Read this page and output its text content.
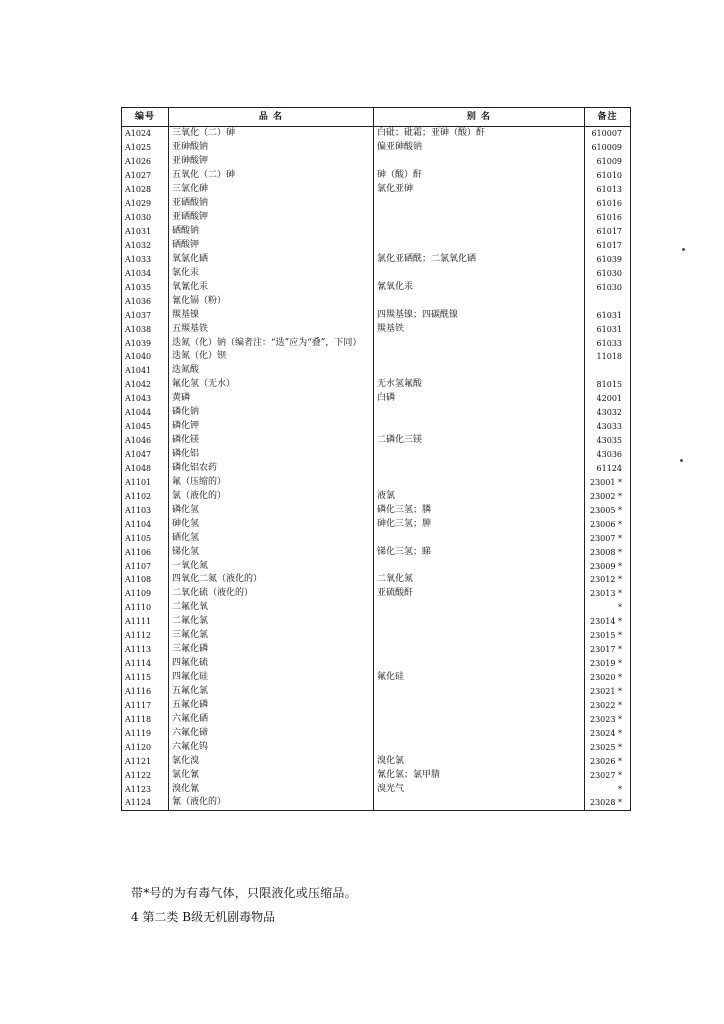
编号	品 名	别 名	备注
A1024	三氧化（二）砷	白砒；砒霜；亚砷（酸）酐	610007
A1025	亚砷酸钠	偏亚砷酸钠	610009
A1026	亚砷酸钾		61009
A1027	五氧化（二）砷	砷（酸）酐	61010
A1028	三氯化砷	氯化亚砷	61013
A1029	亚硒酸钠		61016
A1030	亚硒酸钾		61016
A1031	硒酸钠		61017
A1032	硒酸钾		61017
A1033	氧氯化硒	氯化亚硒酰；二氯氧化硒	61039
A1034	氯化汞		61030
A1035	氧氰化汞	氰氧化汞	61030
A1036	氰化镉（粉）		
A1037	羰基镍	四羰基镍；四碳酰镍	61031
A1038	五羰基铁	羰基铁	61031
A1039	迭氮（化）钠（编者注：“迭”应为“叠”，下同）		61033
A1040	迭氮（化）钡		11018
A1041	迭氮酸		
A1042	氟化氢（无水）	无水氢氟酸	81015
A1043	黄磷	白磷	42001
A1044	磷化钠		43032
A1045	磷化钾		43033
A1046	磷化镁	二磷化三镁	43035
A1047	磷化铝		43036
A1048	磷化铝农药		61124
A1101	氟（压缩的）		23001 *
A1102	氯（液化的）	液氯	23002 *
A1103	磷化氢	磷化三氢；膦	23005 *
A1104	砷化氢	砷化三氢；胂	23006 *
A1105	硒化氢		23007 *
A1106	锑化氢	锑化三氢；睇	23008 *
A1107	一氧化氮		23009 *
A1108	四氧化二氮（液化的）	二氧化氮	23012 *
A1109	二氧化硫（液化的）	亚硫酸酐	23013 *
A1110	二氟化氧		*
A1111	二氟化氯		23014 *
A1112	三氟化氯		23015 *
A1113	三氟化磷		23017 *
A1114	四氟化硫		23019 *
A1115	四氟化硅	氟化硅	23020 *
A1116	五氟化氯		23021 *
A1117	五氟化磷		23022 *
A1118	六氟化硒		23023 *
A1119	六氟化碲		23024 *
A1120	六氟化钨		23025 *
A1121	氯化溴	溴化氯	23026 *
A1122	氯化氰	氰化氯；氯甲腈	23027 *
A1123	溴化氰	溴光气	*
A1124	氰（液化的）		23028 *
带*号的为有毒气体，只限液化或压缩品。
4 第二类 B级无机剧毒物品
